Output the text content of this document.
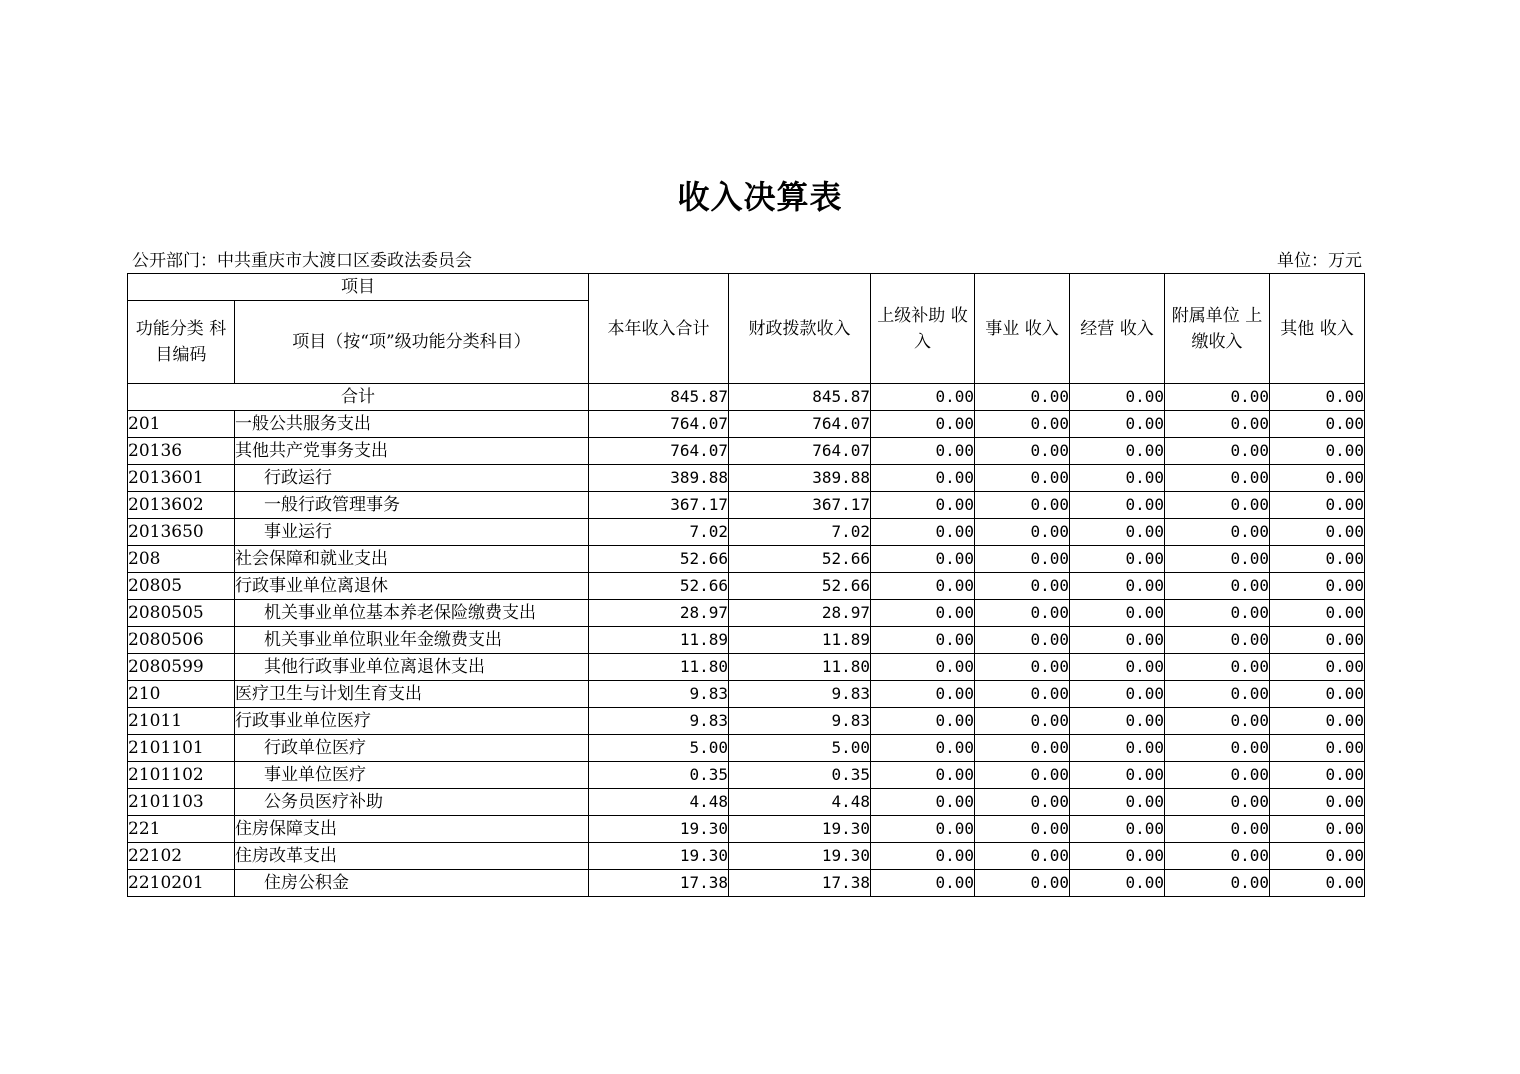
收入决算表
公开部门：中共重庆市大渡口区委政法委员会	单位：万元
项目		本年收入合计	财政拨款收入	上级补助 收入	事业 收入	经营 收入	附属单位 上缴收入	其他 收入
功能分类 科目编码	项目（按“项”级功能分类科目）							
合计		845.87	845.87	0.00	0.00	0.00	0.00	0.00
201	一般公共服务支出	764.07	764.07	0.00	0.00	0.00	0.00	0.00
20136	其他共产党事务支出	764.07	764.07	0.00	0.00	0.00	0.00	0.00
2013601	行政运行	389.88	389.88	0.00	0.00	0.00	0.00	0.00
2013602	一般行政管理事务	367.17	367.17	0.00	0.00	0.00	0.00	0.00
2013650	事业运行	7.02	7.02	0.00	0.00	0.00	0.00	0.00
208	社会保障和就业支出	52.66	52.66	0.00	0.00	0.00	0.00	0.00
20805	行政事业单位离退休	52.66	52.66	0.00	0.00	0.00	0.00	0.00
2080505	机关事业单位基本养老保险缴费支出	28.97	28.97	0.00	0.00	0.00	0.00	0.00
2080506	机关事业单位职业年金缴费支出	11.89	11.89	0.00	0.00	0.00	0.00	0.00
2080599	其他行政事业单位离退休支出	11.80	11.80	0.00	0.00	0.00	0.00	0.00
210	医疗卫生与计划生育支出	9.83	9.83	0.00	0.00	0.00	0.00	0.00
21011	行政事业单位医疗	9.83	9.83	0.00	0.00	0.00	0.00	0.00
2101101	行政单位医疗	5.00	5.00	0.00	0.00	0.00	0.00	0.00
2101102	事业单位医疗	0.35	0.35	0.00	0.00	0.00	0.00	0.00
2101103	公务员医疗补助	4.48	4.48	0.00	0.00	0.00	0.00	0.00
221	住房保障支出	19.30	19.30	0.00	0.00	0.00	0.00	0.00
22102	住房改革支出	19.30	19.30	0.00	0.00	0.00	0.00	0.00
2210201	住房公积金	17.38	17.38	0.00	0.00	0.00	0.00	0.00
